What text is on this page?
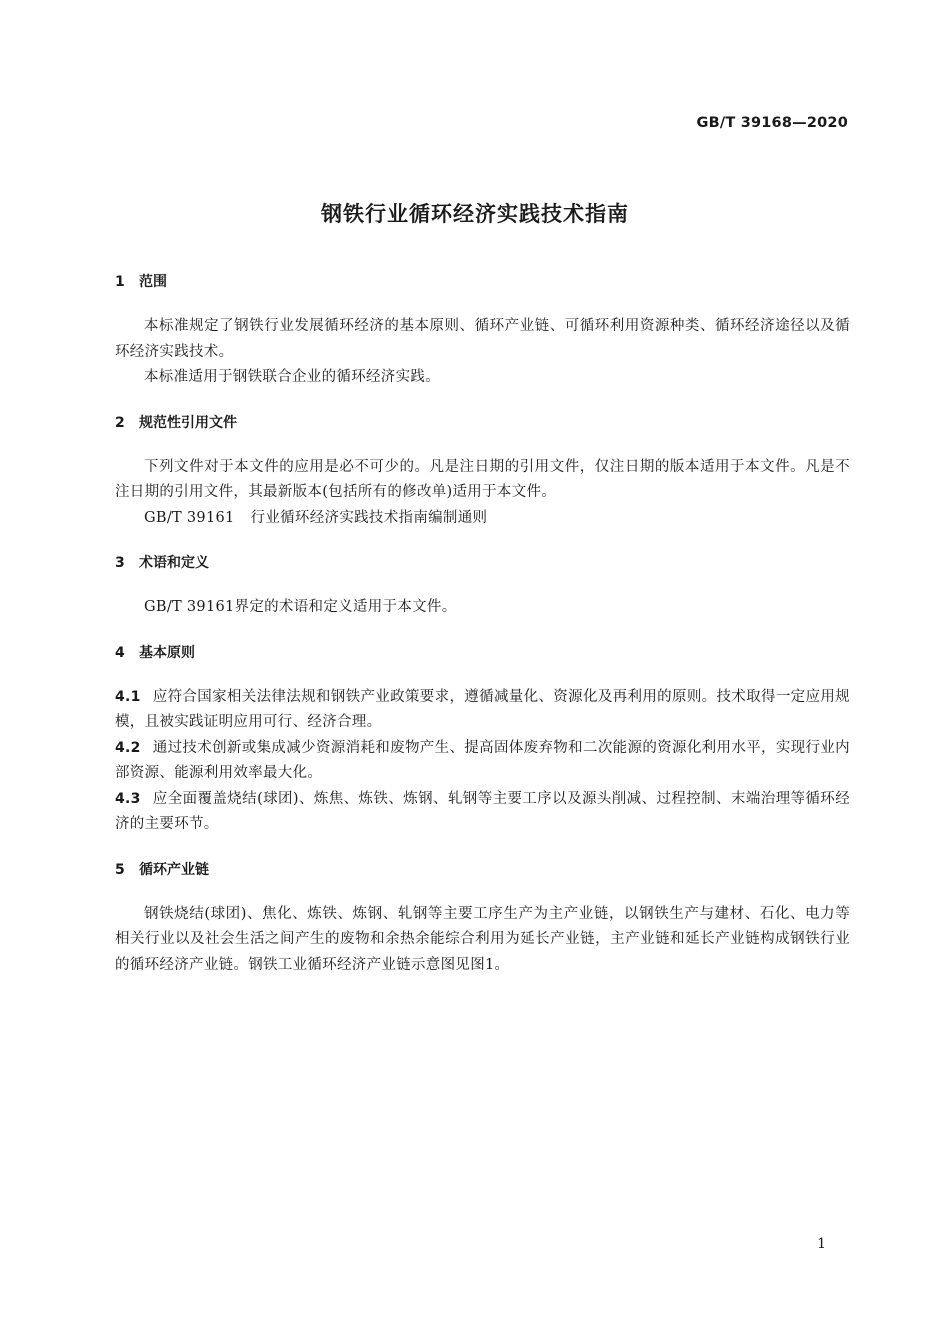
GB/T 39168—2020
钢铁行业循环经济实践技术指南
1	范围

本标准规定了钢铁行业发展循环经济的基本原则、循环产业链、可循环利用资源种类、循环经济途径以及循环经济实践技术。

本标准适用于钢铁联合企业的循环经济实践。

2	规范性引用文件

下列文件对于本文件的应用是必不可少的。凡是注日期的引用文件，仅注日期的版本适用于本文件。凡是不注日期的引用文件，其最新版本(包括所有的修改单)适用于本文件。

GB/T 39161 行业循环经济实践技术指南编制通则

3	术语和定义

GB/T 39161界定的术语和定义适用于本文件。

4	基本原则

4.1 应符合国家相关法律法规和钢铁产业政策要求，遵循减量化、资源化及再利用的原则。技术取得一定应用规模，且被实践证明应用可行、经济合理。

4.2 通过技术创新或集成减少资源消耗和废物产生、提高固体废弃物和二次能源的资源化利用水平，实现行业内部资源、能源利用效率最大化。

4.3 应全面覆盖烧结(球团)、炼焦、炼铁、炼钢、轧钢等主要工序以及源头削减、过程控制、末端治理等循环经济的主要环节。

5	循环产业链

钢铁烧结(球团)、焦化、炼铁、炼钢、轧钢等主要工序生产为主产业链，以钢铁生产与建材、石化、电力等相关行业以及社会生活之间产生的废物和余热余能综合利用为延长产业链，主产业链和延长产业链构成钢铁行业的循环经济产业链。钢铁工业循环经济产业链示意图见图1。

1
